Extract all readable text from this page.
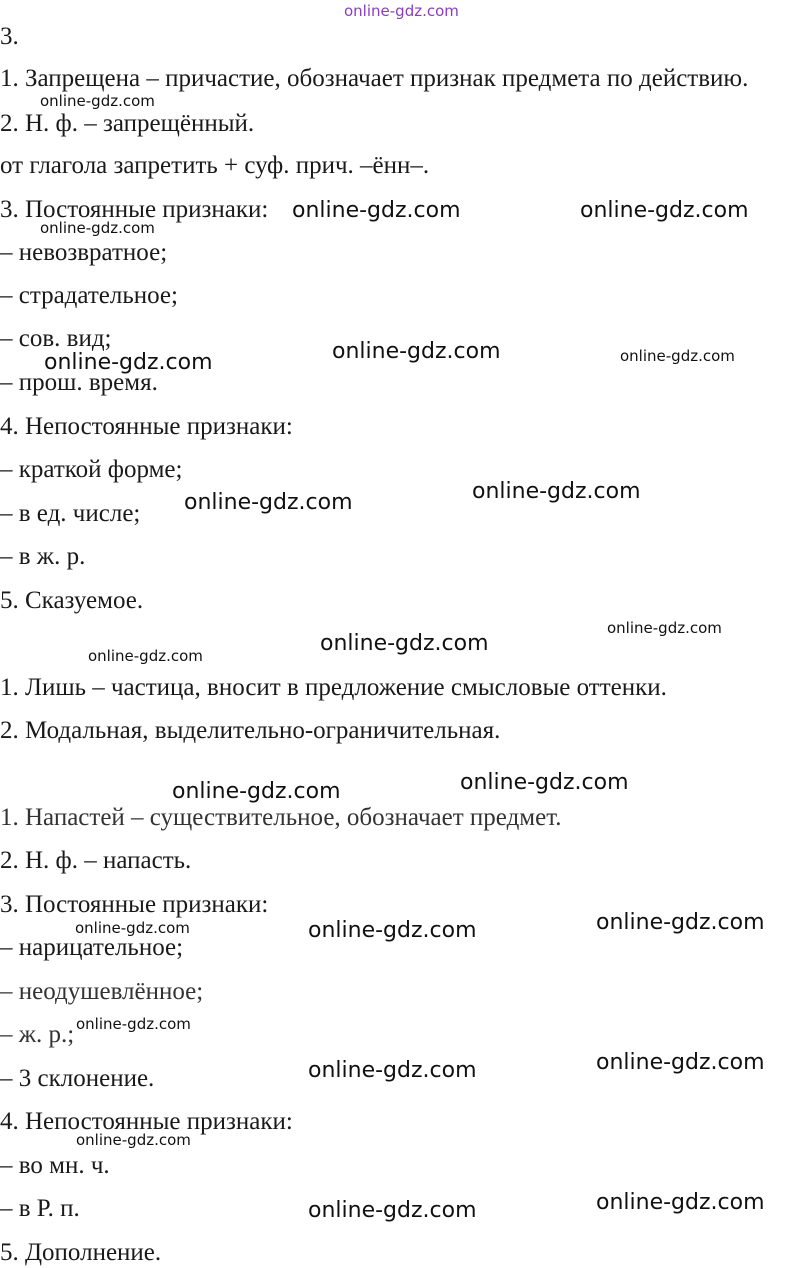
online-gdz.com
3.
1. Запрещена – причастие, обозначает признак предмета по действию.
2. Н. ф. – запрещённый.
от глагола запретить + суф. прич. –ённ–.
3. Постоянные признаки:
– невозвратное;
– страдательное;
– сов. вид;
– прош. время.
4. Непостоянные признаки:
– краткой форме;
– в ед. числе;
– в ж. р.
5. Сказуемое.
1. Лишь – частица, вносит в предложение смысловые оттенки.
2. Модальная, выделительно-ограничительная.
1. Напастей – существительное, обозначает предмет.
2. Н. ф. – напасть.
3. Постоянные признаки:
– нарицательное;
– неодушевлённое;
– ж. р.;
– 3 склонение.
4. Непостоянные признаки:
– во мн. ч.
– в Р. п.
5. Дополнение.
online-gdz.com
online-gdz.com	online-gdz.com
online-gdz.com
online-gdz.com	online-gdz.com	online-gdz.com
online-gdz.com	online-gdz.com
online-gdz.com
online-gdz.com
online-gdz.com
online-gdz.com
online-gdz.com
online-gdz.com	online-gdz.com
online-gdz.com
online-gdz.com
online-gdz.com
online-gdz.com
online-gdz.com
online-gdz.com
online-gdz.com
